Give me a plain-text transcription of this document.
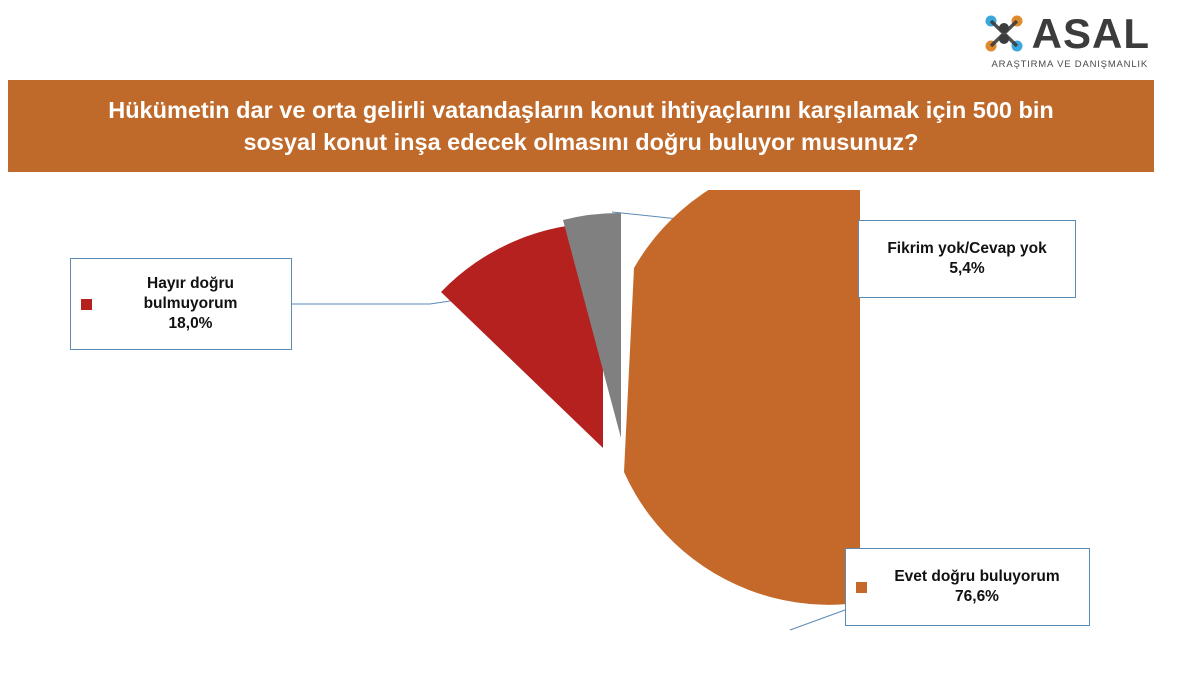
ASAL
ARAŞTIRMA VE DANIŞMANLIK
Hükümetin dar ve orta gelirli vatandaşların konut ihtiyaçlarını karşılamak için 500 bin
sosyal konut inşa edecek olmasını doğru buluyor musunuz?
Hayır doğru bulmuyorum
18,0%
Fikrim yok/Cevap yok
5,4%
Evet doğru buluyorum
76,6%
